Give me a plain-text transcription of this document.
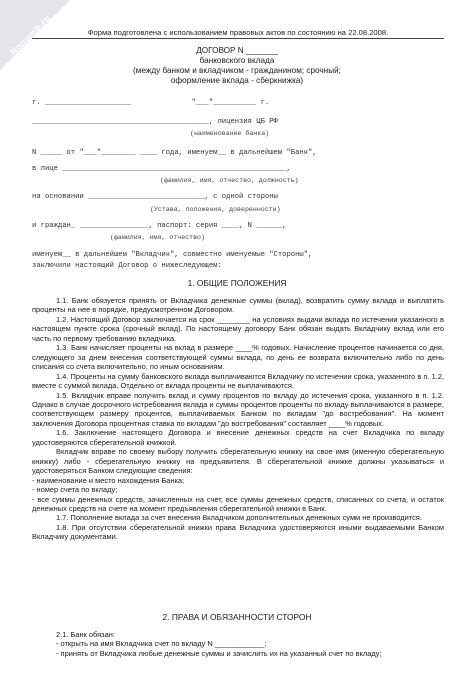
Nonumb.ru	Форма подготовлена с использованием правовых актов по состоянию на 22.08.2008.
ДОГОВОР N _______
банковского вклада
(между банком и вкладчиком - гражданином; срочный;
оформление вклада - сберкнижка)
г. ____________________              "___"__________ г.
_________________________________________, лицензия ЦБ РФ
(наименование банка)
N _____ от "___"________ ____ года, именуем__ в дальнейшем "Банк",
в лице ____________________________________________________,
(фамилия, имя, отчество, должность)
на основании ___________________________, с одной стороны
(Устава, положения, доверенности)
и граждан_ ________________, паспорт: серия ____, N ______,
(фамилия, имя, отчество)
именуем__ в дальнейшем "Вкладчик", совместно именуемые "Стороны",
заключили настоящий Договор о нижеследующем:
1. ОБЩИЕ ПОЛОЖЕНИЯ

1.1. Банк обязуется принять от Вкладчика денежные суммы (вклад), возвратить сумму вклада и выплатить проценты на нее в порядке, предусмотренном Договором.

1.2. Настоящий Договор заключается на срок ________ на условиях выдачи вклада по истечении указанного в настоящем пункте срока (срочный вклад). По настоящему договору Банк обязан выдать Вкладчику вклад или его часть по первому требованию вкладчика.

1.3. Банк начисляет проценты на вклад в размере ____% годовых. Начисление процентов начинается со дня, следующего за днем внесения соответствующей суммы вклада, по день ее возврата включительно либо по день списания со счета включительно, по иным основаниям.

1.4. Проценты на сумму банковского вклада выплачиваются Вкладчику по истечении срока, указанного в п. 1.2, вместе с суммой вклада. Отдельно от вклада проценты не выплачиваются.

1.5. Вкладчик вправе получить вклад и сумму процентов по вкладу до истечения срока, указанного в п. 1.2. Однако в случае досрочного истребования вклада и суммы процентов проценты по вкладу выплачиваются в размере, соответствующем размеру процентов, выплачиваемых Банком по вкладам "до востребования". На момент заключения Договора процентная ставка по вкладам "до востребования" составляет ____% годовых.

1.6. Заключение настоящего Договора и внесение денежных средств на счет Вкладчика по вкладу удостоверяются сберегательной книжкой.

Вкладчик вправе по своему выбору получить сберегательную книжку на свое имя (именную сберегательную книжку) либо - сберегательную книжку на предъявителя. В сберегательной книжке должны указываться и удостоверяться Банком следующие сведения:

- наименование и место нахождения Банка;

- номер счета по вкладу;

- все суммы денежных средств, зачисленных на счет, все суммы денежных средств, списанных со счета, и остаток денежных средств на счете на момент предъявления сберегательной книжки в Банк.

1.7. Пополнение вклада за счет внесения Вкладчиком дополнительных денежных сумм не производится.

1.8. При отсутствии сберегательной книжки права Вкладчика удостоверяются иными выдаваемыми Банком Вкладчику документами.

2. ПРАВА И ОБЯЗАННОСТИ СТОРОН

2.1. Банк обязан:

- открыть на имя Вкладчика счет по вкладу N ____________;

- принять от Вкладчика любые денежные суммы и зачислить их на указанный счет по вкладу;
